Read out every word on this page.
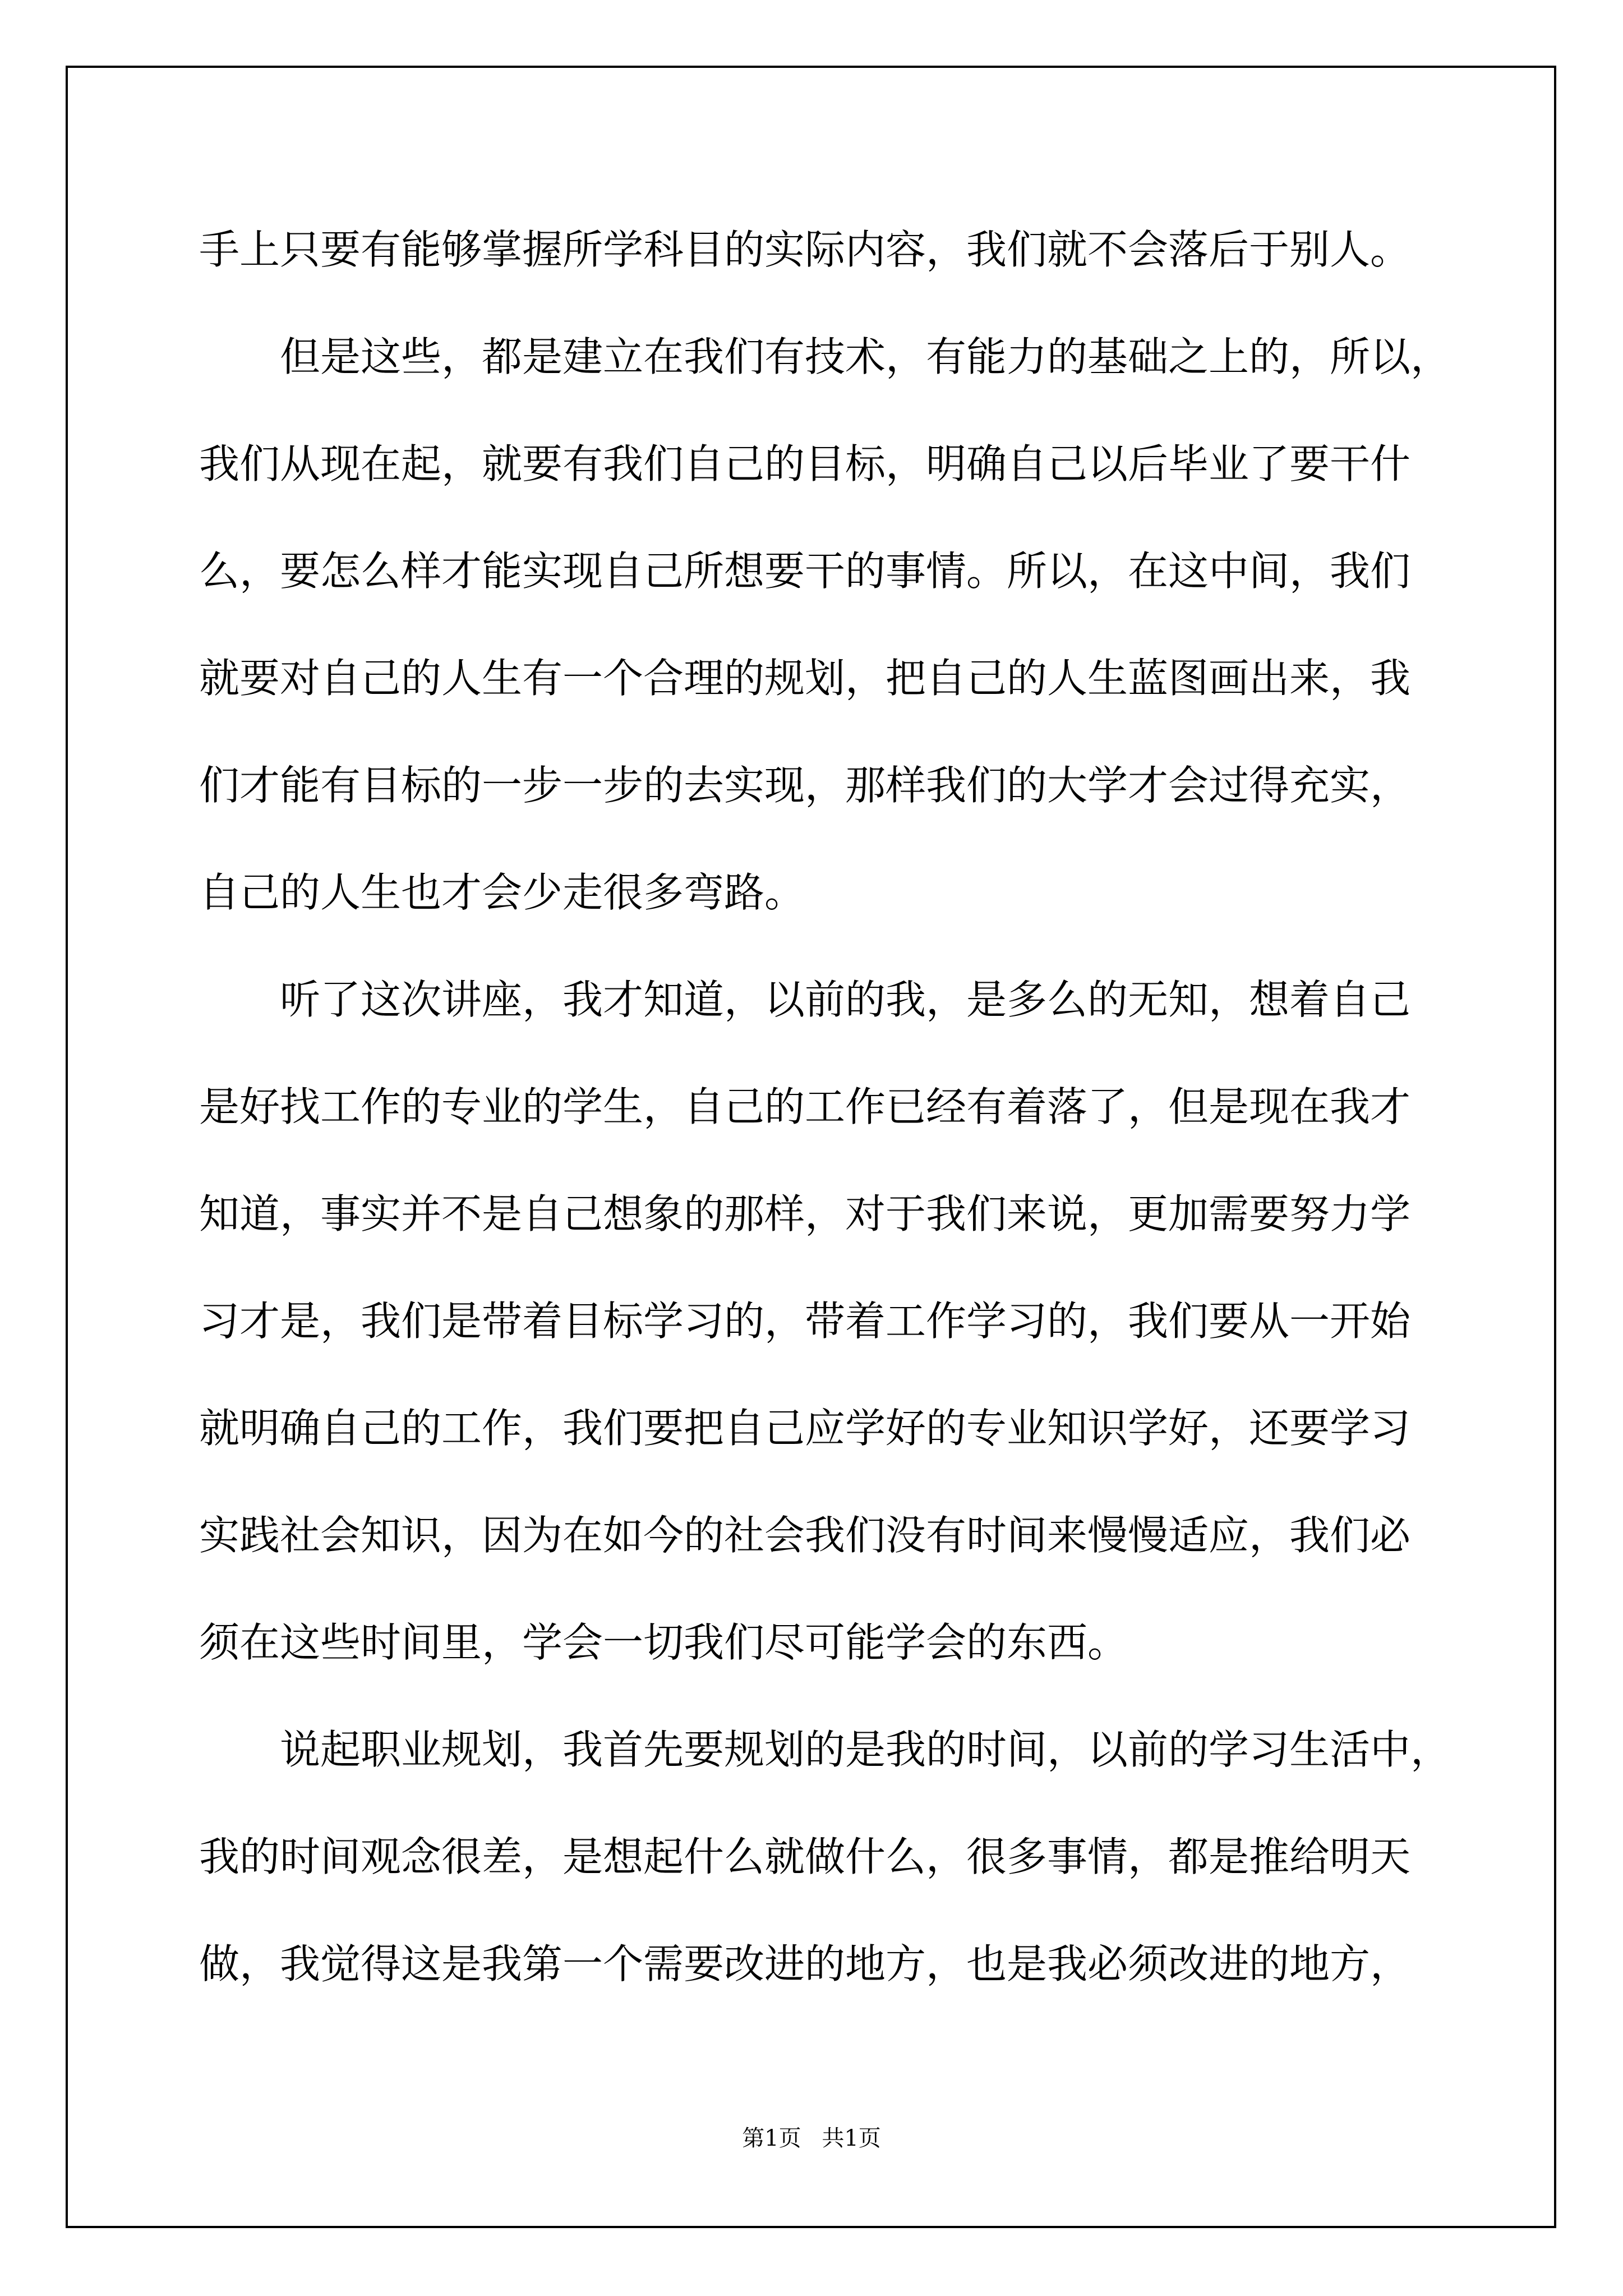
手上只要有能够掌握所学科目的实际内容，我们就不会落后于别人。
但是这些，都是建立在我们有技术，有能力的基础之上的，所以，
我们从现在起，就要有我们自己的目标，明确自己以后毕业了要干什
么，要怎么样才能实现自己所想要干的事情。所以，在这中间，我们
就要对自己的人生有一个合理的规划，把自己的人生蓝图画出来，我
们才能有目标的一步一步的去实现，那样我们的大学才会过得充实，
自己的人生也才会少走很多弯路。
听了这次讲座，我才知道，以前的我，是多么的无知，想着自己
是好找工作的专业的学生，自己的工作已经有着落了，但是现在我才
知道，事实并不是自己想象的那样，对于我们来说，更加需要努力学
习才是，我们是带着目标学习的，带着工作学习的，我们要从一开始
就明确自己的工作，我们要把自己应学好的专业知识学好，还要学习
实践社会知识，因为在如今的社会我们没有时间来慢慢适应，我们必
须在这些时间里，学会一切我们尽可能学会的东西。
说起职业规划，我首先要规划的是我的时间，以前的学习生活中，
我的时间观念很差，是想起什么就做什么，很多事情，都是推给明天
做，我觉得这是我第一个需要改进的地方，也是我必须改进的地方，
第1页 共1页
